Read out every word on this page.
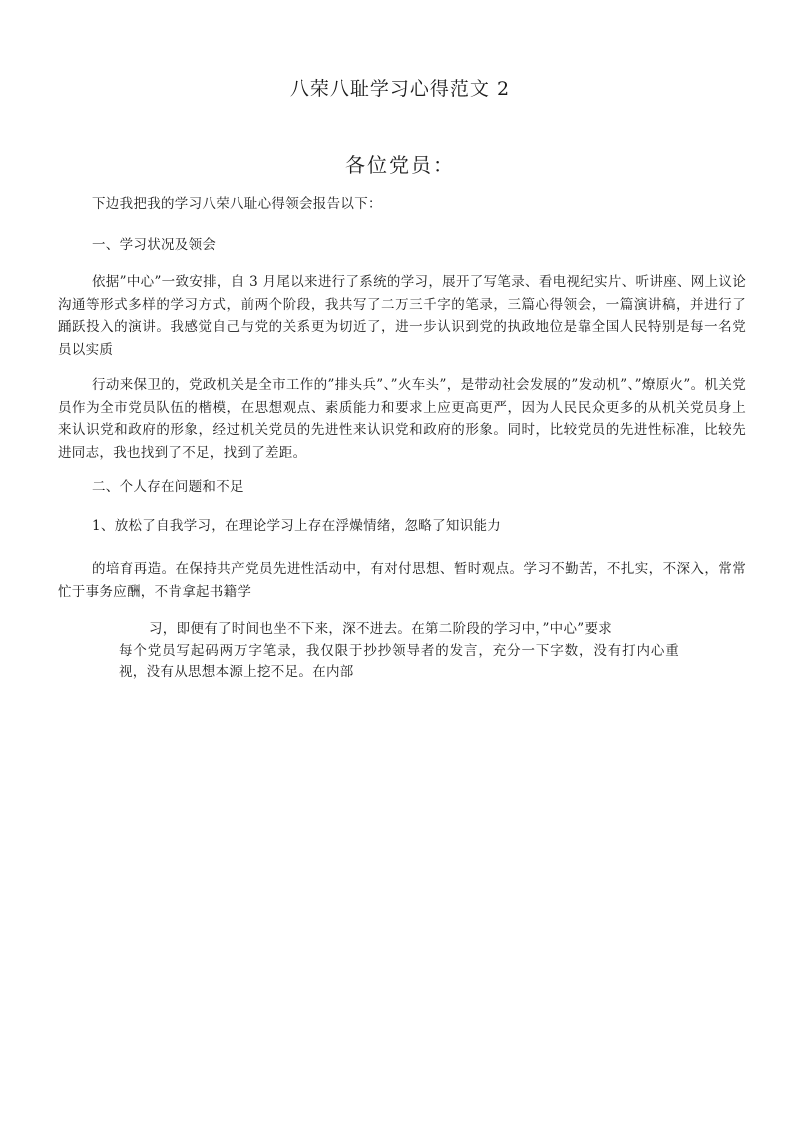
八荣八耻学习心得范文 2
各位党员：
下边我把我的学习八荣八耻心得领会报告以下：
一、学习状况及领会
依据”中心”一致安排，自 3 月尾以来进行了系统的学习，展开了写笔录、看电视纪实片、听讲座、网上议论沟通等形式多样的学习方式，前两个阶段，我共写了二万三千字的笔录，三篇心得领会，一篇演讲稿，并进行了踊跃投入的演讲。我感觉自己与党的关系更为切近了，进一步认识到党的执政地位是靠全国人民特别是每一名党员以实质
行动来保卫的，党政机关是全市工作的”排头兵”、”火车头”，是带动社会发展的”发动机”、”燎原火”。机关党员作为全市党员队伍的楷模，在思想观点、素质能力和要求上应更高更严，因为人民民众更多的从机关党员身上来认识党和政府的形象，经过机关党员的先进性来认识党和政府的形象。同时，比较党员的先进性标准，比较先进同志，我也找到了不足，找到了差距。
二、个人存在问题和不足
1、放松了自我学习，在理论学习上存在浮燥情绪，忽略了知识能力
的培育再造。在保持共产党员先进性活动中，有对付思想、暂时观点。学习不勤苦，不扎实，不深入，常常忙于事务应酬，不肯拿起书籍学
习，即便有了时间也坐不下来，深不进去。在第二阶段的学习中，”中心”要求
每个党员写起码两万字笔录，我仅限于抄抄领导者的发言，充分一下字数，没有打内心重视，没有从思想本源上挖不足。在内部
